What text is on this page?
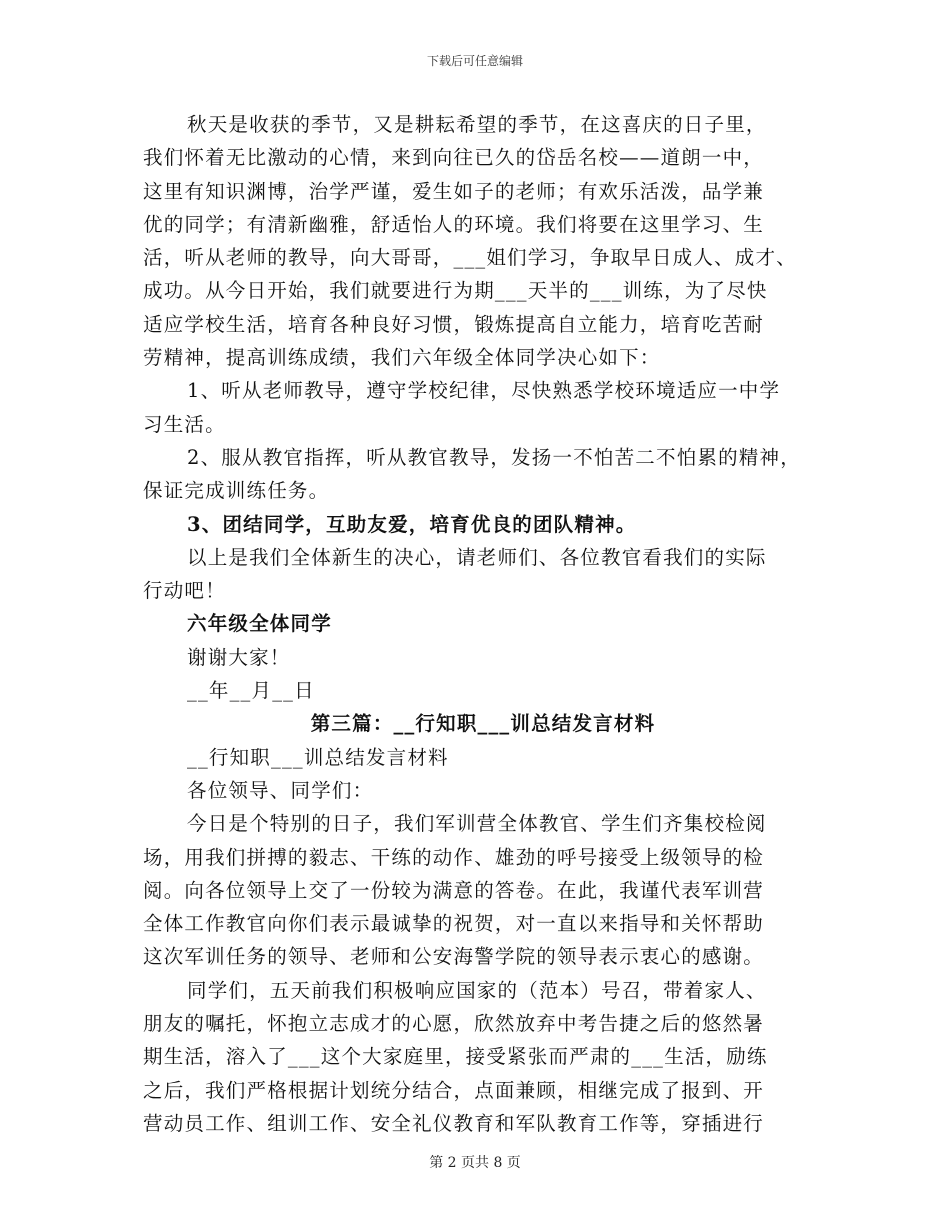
下载后可任意编辑
秋天是收获的季节，又是耕耘希望的季节，在这喜庆的日子里，
我们怀着无比激动的心情，来到向往已久的岱岳名校——道朗一中，
这里有知识渊博，治学严谨，爱生如子的老师；有欢乐活泼，品学兼
优的同学；有清新幽雅，舒适怡人的环境。我们将要在这里学习、生
活，听从老师的教导，向大哥哥，___姐们学习，争取早日成人、成才、
成功。从今日开始，我们就要进行为期___天半的___训练，为了尽快
适应学校生活，培育各种良好习惯，锻炼提高自立能力，培育吃苦耐
劳精神，提高训练成绩，我们六年级全体同学决心如下：
1、听从老师教导，遵守学校纪律，尽快熟悉学校环境适应一中学
习生活。
2、服从教官指挥，听从教官教导，发扬一不怕苦二不怕累的精神，
保证完成训练任务。
3、团结同学，互助友爱，培育优良的团队精神。
以上是我们全体新生的决心，请老师们、各位教官看我们的实际
行动吧！
六年级全体同学
谢谢大家！
__年__月__日
第三篇：__行知职___训总结发言材料
__行知职___训总结发言材料
各位领导、同学们：
今日是个特别的日子，我们军训营全体教官、学生们齐集校检阅
场，用我们拼搏的毅志、干练的动作、雄劲的呼号接受上级领导的检
阅。向各位领导上交了一份较为满意的答卷。在此，我谨代表军训营
全体工作教官向你们表示最诚挚的祝贺，对一直以来指导和关怀帮助
这次军训任务的领导、老师和公安海警学院的领导表示衷心的感谢。
同学们，五天前我们积极响应国家的（范本）号召，带着家人、
朋友的嘱托，怀抱立志成才的心愿，欣然放弃中考告捷之后的悠然暑
期生活，溶入了___这个大家庭里，接受紧张而严肃的___生活，励练
之后，我们严格根据计划统分结合，点面兼顾，相继完成了报到、开
营动员工作、组训工作、安全礼仪教育和军队教育工作等，穿插进行
第 2 页共 8 页
